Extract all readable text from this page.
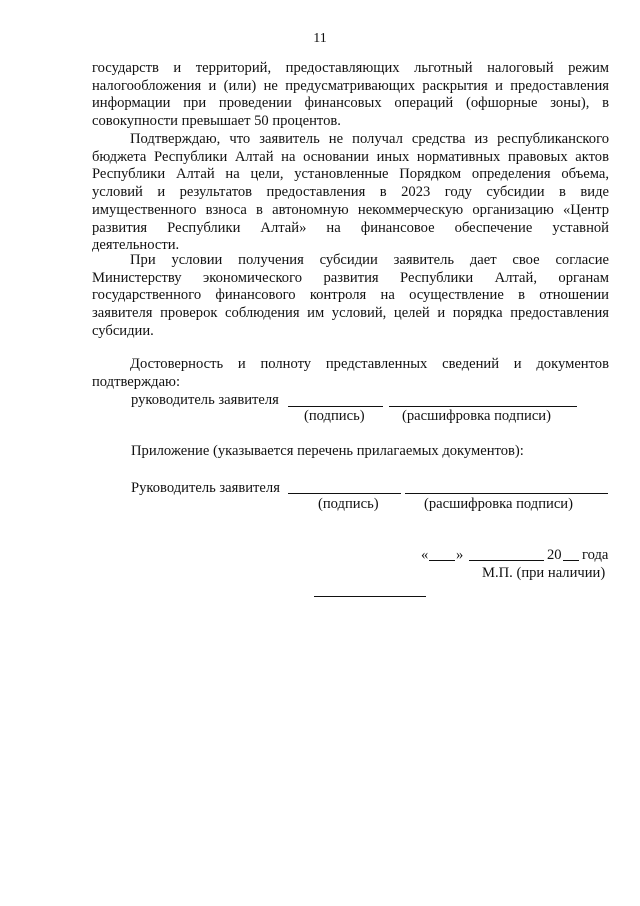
11
государств и территорий, предоставляющих льготный налоговый режим
налогообложения и (или) не предусматривающих раскрытия и предоставления
информации при проведении финансовых операций (офшорные зоны), в
совокупности превышает 50 процентов.
Подтверждаю, что заявитель не получал средства из республиканского
бюджета Республики Алтай на основании иных нормативных правовых актов
Республики Алтай на цели, установленные Порядком определения объема,
условий и результатов предоставления в 2023 году субсидии в виде
имущественного взноса в автономную некоммерческую организацию «Центр
развития Республики Алтай» на финансовое обеспечение уставной
деятельности.
При условии получения субсидии заявитель дает свое согласие
Министерству экономического развития Республики Алтай, органам
государственного финансового контроля на осуществление в отношении
заявителя проверок соблюдения им условий, целей и порядка предоставления
субсидии.
Достоверность и полноту представленных сведений и документов
подтверждаю:
руководитель заявителя
(подпись)	(расшифровка подписи)
Приложение (указывается перечень прилагаемых документов):
Руководитель заявителя
(подпись)	(расшифровка подписи)
« »	20 года
М.П. (при наличии)
